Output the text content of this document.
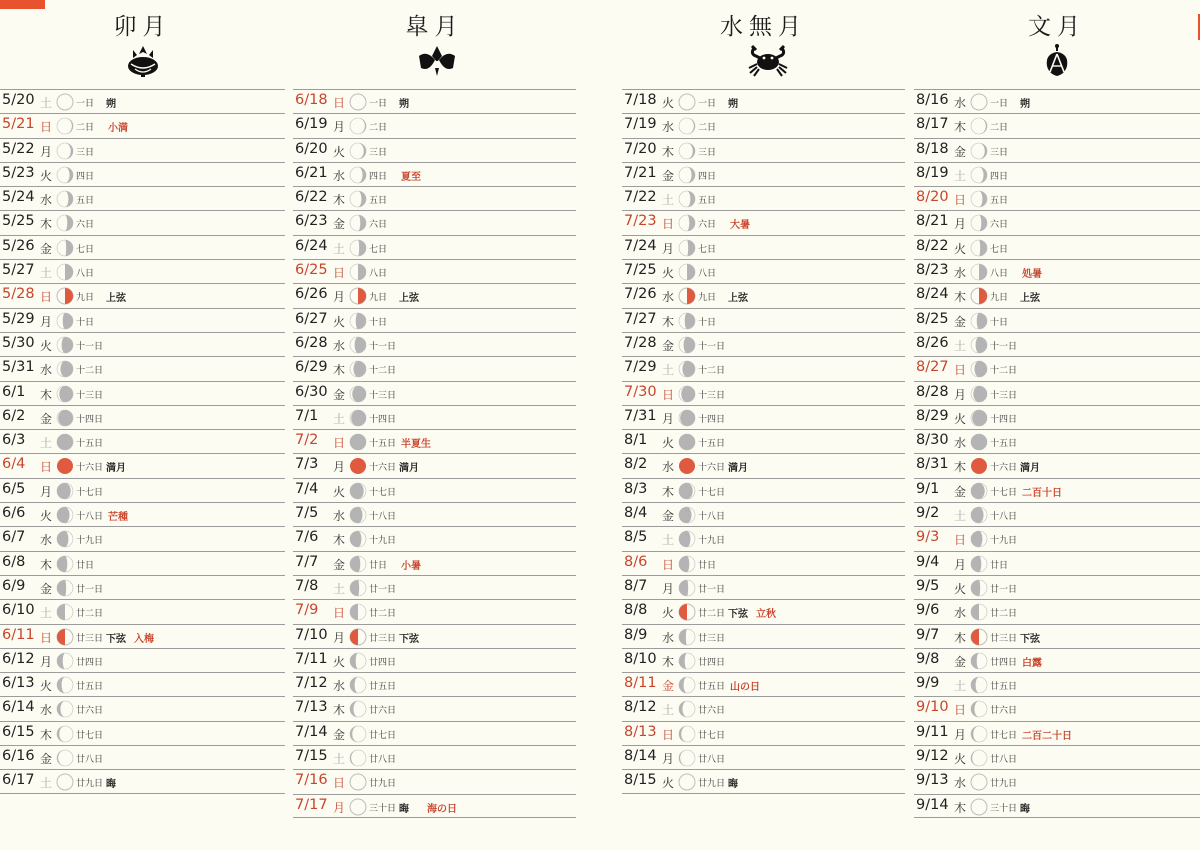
卯月
5/20 土	一日 朔
5/21 日	二日 小満
5/22 月	三日
5/23 火	四日
5/24 水	五日
5/25 木	六日
5/26 金	七日
5/27 土	八日
5/28 日	九日 上弦
5/29 月	十日
5/30 火	十一日
5/31 水	十二日
6/1 木	十三日
6/2 金	十四日
6/3 土	十五日
6/4 日	十六日 満月
6/5 月	十七日
6/6 火	十八日 芒種
6/7 水	十九日
6/8 木	廿日
6/9 金	廿一日
6/10 土	廿二日
6/11 日	廿三日 下弦 入梅
6/12 月	廿四日
6/13 火	廿五日
6/14 水	廿六日
6/15 木	廿七日
6/16 金	廿八日
6/17 土	廿九日 晦
皐月
6/18 日	一日 朔
6/19 月	二日
6/20 火	三日
6/21 水	四日 夏至
6/22 木	五日
6/23 金	六日
6/24 土	七日
6/25 日	八日
6/26 月	九日 上弦
6/27 火	十日
6/28 水	十一日
6/29 木	十二日
6/30 金	十三日
7/1 土	十四日
7/2 日	十五日 半夏生
7/3 月	十六日 満月
7/4 火	十七日
7/5 水	十八日
7/6 木	十九日
7/7 金	廿日 小暑
7/8 土	廿一日
7/9 日	廿二日
7/10 月	廿三日 下弦
7/11 火	廿四日
7/12 水	廿五日
7/13 木	廿六日
7/14 金	廿七日
7/15 土	廿八日
7/16 日	廿九日
7/17 月	三十日 晦 海の日
水無月
7/18 火	一日 朔
7/19 水	二日
7/20 木	三日
7/21 金	四日
7/22 土	五日
7/23 日	六日 大暑
7/24 月	七日
7/25 火	八日
7/26 水	九日 上弦
7/27 木	十日
7/28 金	十一日
7/29 土	十二日
7/30 日	十三日
7/31 月	十四日
8/1 火	十五日
8/2 水	十六日 満月
8/3 木	十七日
8/4 金	十八日
8/5 土	十九日
8/6 日	廿日
8/7 月	廿一日
8/8 火	廿二日 下弦 立秋
8/9 水	廿三日
8/10 木	廿四日
8/11 金	廿五日 山の日
8/12 土	廿六日
8/13 日	廿七日
8/14 月	廿八日
8/15 火	廿九日 晦
文月
8/16 水	一日 朔
8/17 木	二日
8/18 金	三日
8/19 土	四日
8/20 日	五日
8/21 月	六日
8/22 火	七日
8/23 水	八日 処暑
8/24 木	九日 上弦
8/25 金	十日
8/26 土	十一日
8/27 日	十二日
8/28 月	十三日
8/29 火	十四日
8/30 水	十五日
8/31 木	十六日 満月
9/1 金	十七日 二百十日
9/2 土	十八日
9/3 日	十九日
9/4 月	廿日
9/5 火	廿一日
9/6 水	廿二日
9/7 木	廿三日 下弦
9/8 金	廿四日 白露
9/9 土	廿五日
9/10 日	廿六日
9/11 月	廿七日 二百二十日
9/12 火	廿八日
9/13 水	廿九日
9/14 木	三十日 晦
